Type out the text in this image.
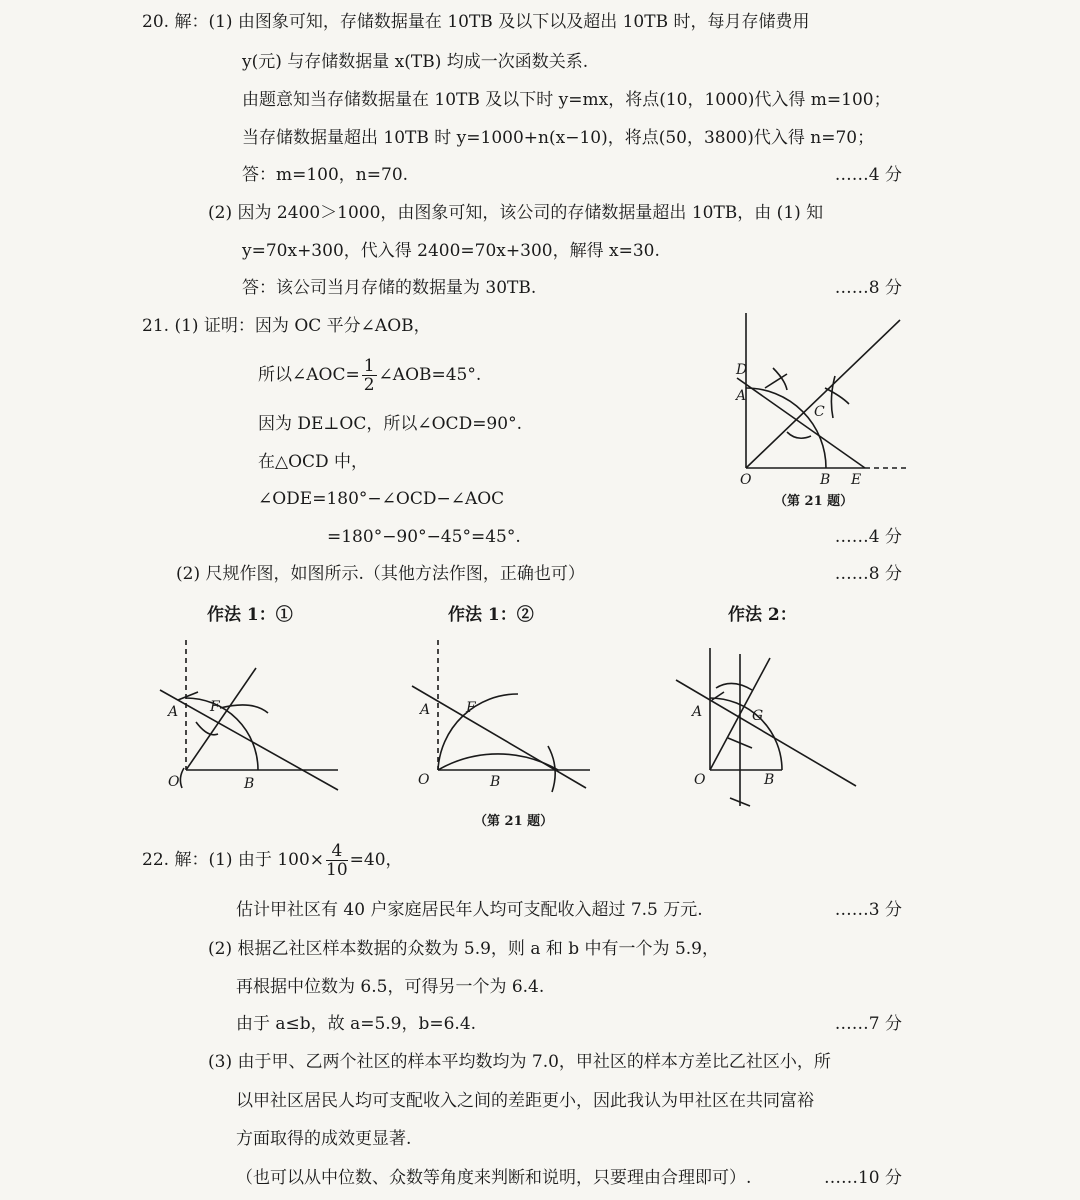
20. 解：(1) 由图象可知，存储数据量在 10TB 及以下以及超出 10TB 时，每月存储费用
y(元) 与存储数据量 x(TB) 均成一次函数关系.
由题意知当存储数据量在 10TB 及以下时 y=mx，将点(10，1000)代入得 m=100；
当存储数据量超出 10TB 时 y=1000+n(x−10)，将点(50，3800)代入得 n=70；
答：m=100，n=70.	……4 分
(2) 因为 2400＞1000，由图象可知，该公司的存储数据量超出 10TB，由 (1) 知
y=70x+300，代入得 2400=70x+300，解得 x=30.
答：该公司当月存储的数据量为 30TB.	……8 分
21. (1) 证明：因为 OC 平分∠AOB，
所以∠AOC= $\frac{1}{2}$ ∠AOB=45°.
因为 DE⊥OC，所以∠OCD=90°.
在△OCD 中，
∠ODE=180°−∠OCD−∠AOC
=180°−90°−45°=45°.	……4 分
(2) 尺规作图，如图所示.（其他方法作图，正确也可）	……8 分
D
A
C
O	B E
（第 21 题）
作法 1：①	作法 1：②	作法 2：
A F
O	B
A	F
O	B
A	G
O	B
（第 21 题）
22. 解：(1) 由于 $100\times \frac{4}{10} =40$，
估计甲社区有 40 户家庭居民年人均可支配收入超过 7.5 万元.	……3 分
(2) 根据乙社区样本数据的众数为 5.9，则 a 和 b 中有一个为 5.9，
再根据中位数为 6.5，可得另一个为 6.4.
由于 a≤b，故 a=5.9，b=6.4.	……7 分
(3) 由于甲、乙两个社区的样本平均数均为 7.0，甲社区的样本方差比乙社区小，所
以甲社区居民人均可支配收入之间的差距更小，因此我认为甲社区在共同富裕
方面取得的成效更显著.
（也可以从中位数、众数等角度来判断和说明，只要理由合理即可）.	……10 分
